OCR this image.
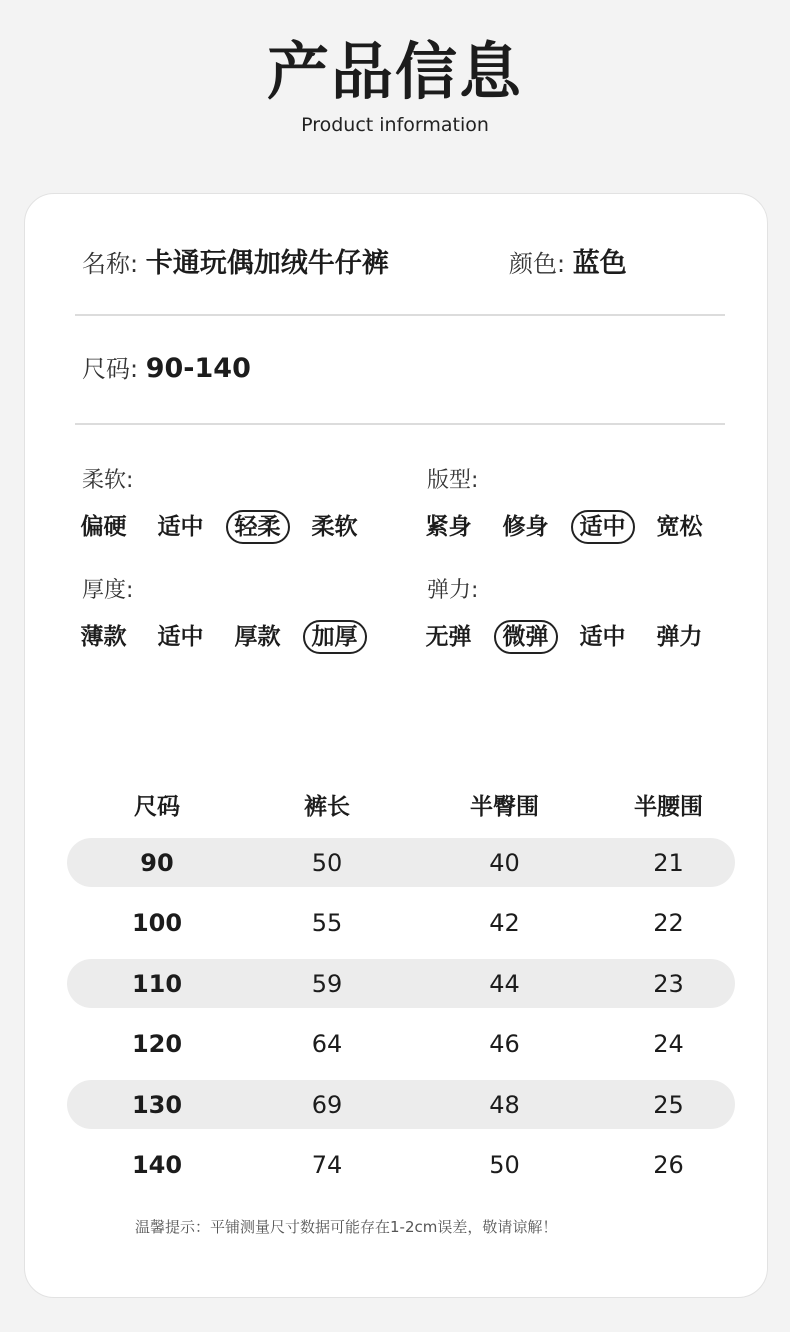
产品信息
Product information
名称: 卡通玩偶加绒牛仔裤	颜色: 蓝色
尺码: 90-140
柔软:
偏硬	适中	轻柔	柔软
版型:
紧身	修身	适中	宽松
厚度:
薄款	适中	厚款	加厚
弹力:
无弹	微弹	适中	弹力
尺码	裤长	半臀围	半腰围
90	50	40	21
100	55	42	22
110	59	44	23
120	64	46	24
130	69	48	25
140	74	50	26
温馨提示：平铺测量尺寸数据可能存在1-2cm误差，敬请谅解！
